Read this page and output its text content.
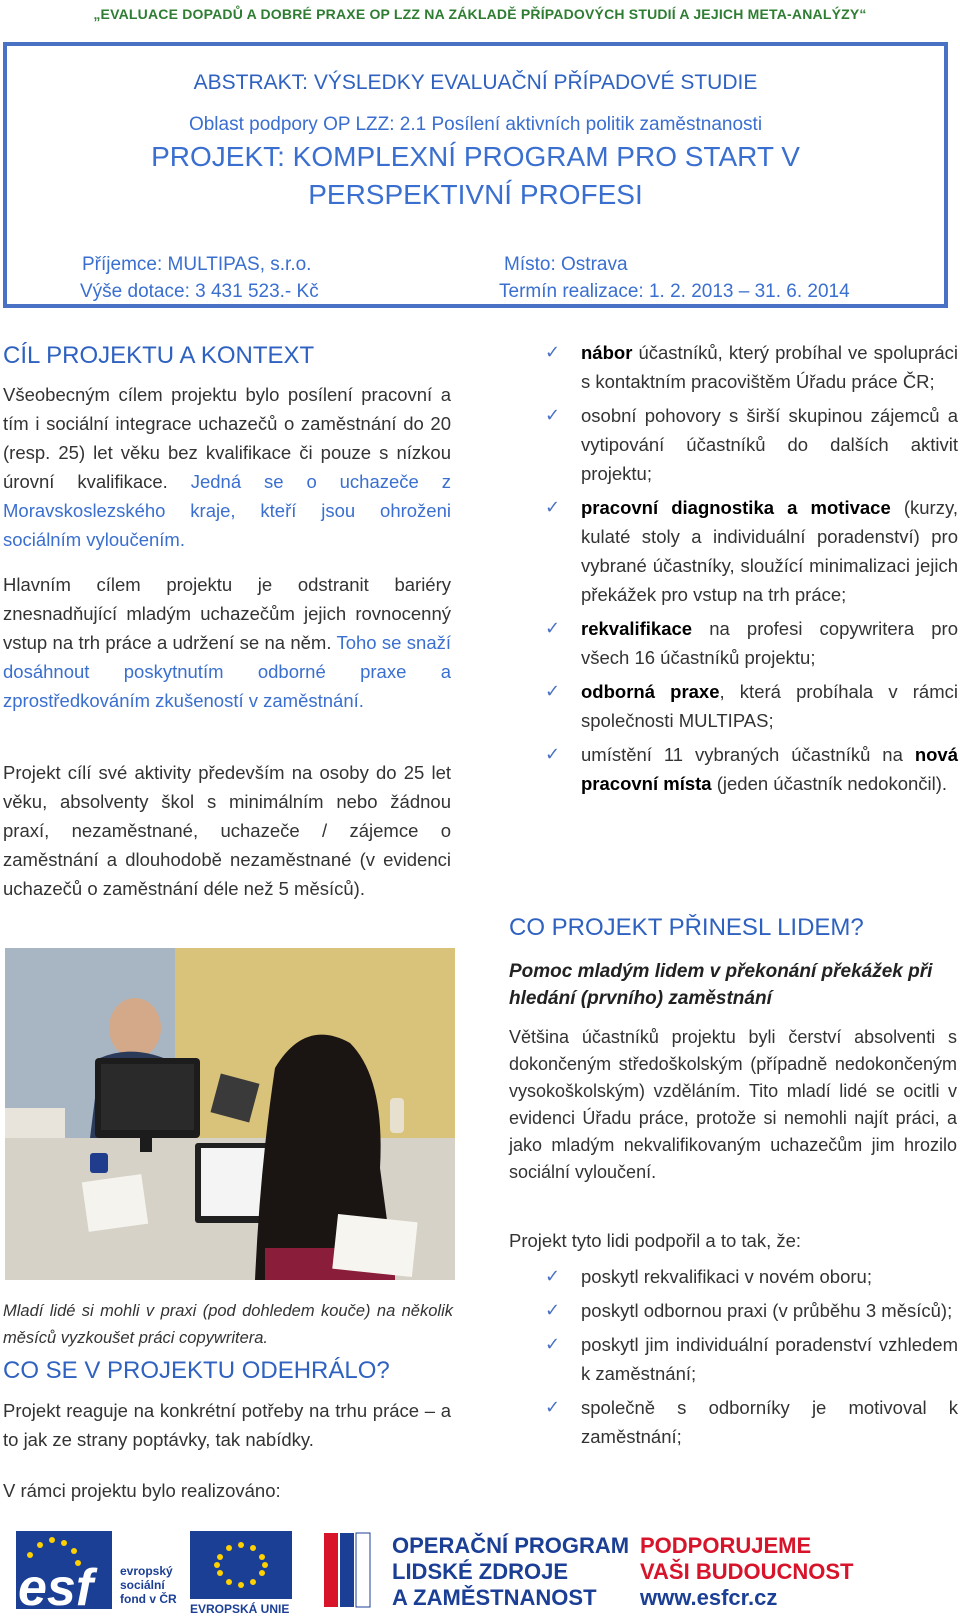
„EVALUACE DOPADŮ A DOBRÉ PRAXE OP LZZ NA ZÁKLADĚ PŘÍPADOVÝCH STUDIÍ A JEJICH META-ANALÝZY“
ABSTRAKT: VÝSLEDKY EVALUAČNÍ PŘÍPADOVÉ STUDIE
Oblast podpory OP LZZ: 2.1 Posílení aktivních politik zaměstnanosti
PROJEKT: KOMPLEXNÍ PROGRAM PRO START V PERSPEKTIVNÍ PROFESI
Příjemce: MULTIPAS, s.r.o.	Místo: Ostrava
Výše dotace: 3 431 523.- Kč	Termín realizace: 1. 2. 2013 – 31. 6. 2014
CÍL PROJEKTU A KONTEXT

Všeobecným cílem projektu bylo posílení pracovní a tím i sociální integrace uchazečů o zaměstnání do 20 (resp. 25) let věku bez kvalifikace či pouze s nízkou úrovní kvalifikace. Jedná se o uchazeče z Moravskoslezského kraje, kteří jsou ohroženi sociálním vyloučením.

Hlavním cílem projektu je odstranit bariéry znesnadňující mladým uchazečům jejich rovnocenný vstup na trh práce a udržení se na něm. Toho se snaží dosáhnout poskytnutím odborné praxe a zprostředkováním zkušeností v zaměstnání.

Projekt cílí své aktivity především na osoby do 25 let věku, absolventy škol s minimálním nebo žádnou praxí, nezaměstnané, uchazeče / zájemce o zaměstnání a dlouhodobě nezaměstnané (v evidenci uchazečů o zaměstnání déle než 5 měsíců).

Mladí lidé si mohli v praxi (pod dohledem kouče) na několik měsíců vyzkoušet práci copywritera.
CO SE V PROJEKTU ODEHRÁLO?

Projekt reaguje na konkrétní potřeby na trhu práce – a to jak ze strany poptávky, tak nabídky.

V rámci projektu bylo realizováno:

✓ nábor účastníků, který probíhal ve spolupráci s kontaktním pracovištěm Úřadu práce ČR;
✓ osobní pohovory s širší skupinou zájemců a vytipování účastníků do dalších aktivit projektu;
✓ pracovní diagnostika a motivace (kurzy, kulaté stoly a individuální poradenství) pro vybrané účastníky, sloužící minimalizaci jejich překážek pro vstup na trh práce;
✓ rekvalifikace na profesi copywritera pro všech 16 účastníků projektu;
✓ odborná praxe, která probíhala v rámci společnosti MULTIPAS;
✓ umístění 11 vybraných účastníků na nová pracovní místa (jeden účastník nedokončil).
CO PROJEKT PŘINESL LIDEM?
Pomoc mladým lidem v překonání překážek při hledání (prvního) zaměstnání

Většina účastníků projektu byli čerství absolventi s dokončeným středoškolským (případně nedokončeným vysokoškolským) vzděláním. Tito mladí lidé se ocitli v evidenci Úřadu práce, protože si nemohli najít práci, a jako mladým nekvalifikovaným uchazečům jim hrozilo sociální vyloučení.

Projekt tyto lidi podpořil a to tak, že:

✓ poskytl rekvalifikaci v novém oboru;
✓ poskytl odbornou praxi (v průběhu 3 měsíců);
✓ poskytl jim individuální poradenství vzhledem k zaměstnání;
✓ společně s odborníky je motivoval k zaměstnání;
esf	evropský sociální fond v ČR
EVROPSKÁ UNIE
OPERAČNÍ PROGRAM
LIDSKÉ ZDROJE
A ZAMĚSTNANOST
PODPORUJEME
VAŠI BUDOUCNOST
www.esfcr.cz
